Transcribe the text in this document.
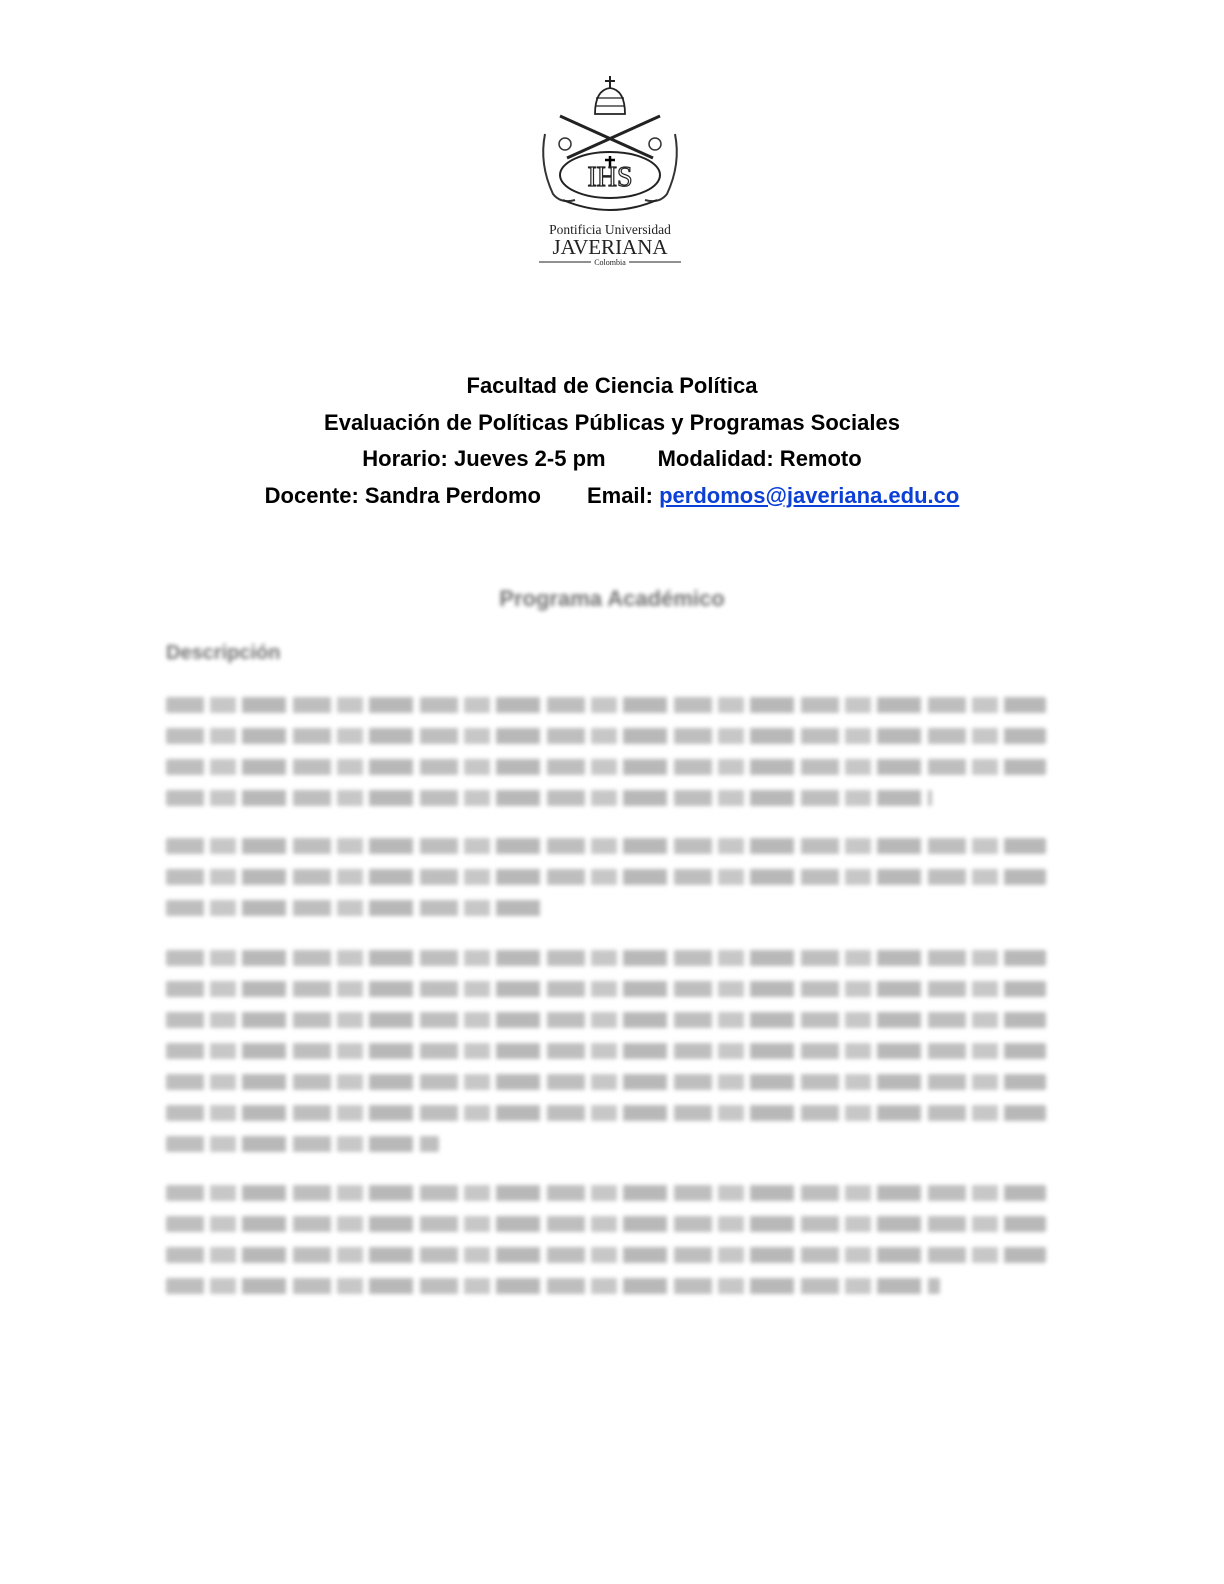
IHS
Pontificia Universidad
JAVERIANA
Colombia
Facultad de Ciencia Política
Evaluación de Políticas Públicas y Programas Sociales
Horario: Jueves 2-5 pm Modalidad: Remoto
Docente: Sandra Perdomo Email: perdomos@javeriana.edu.co
Programa Académico
Descripción
